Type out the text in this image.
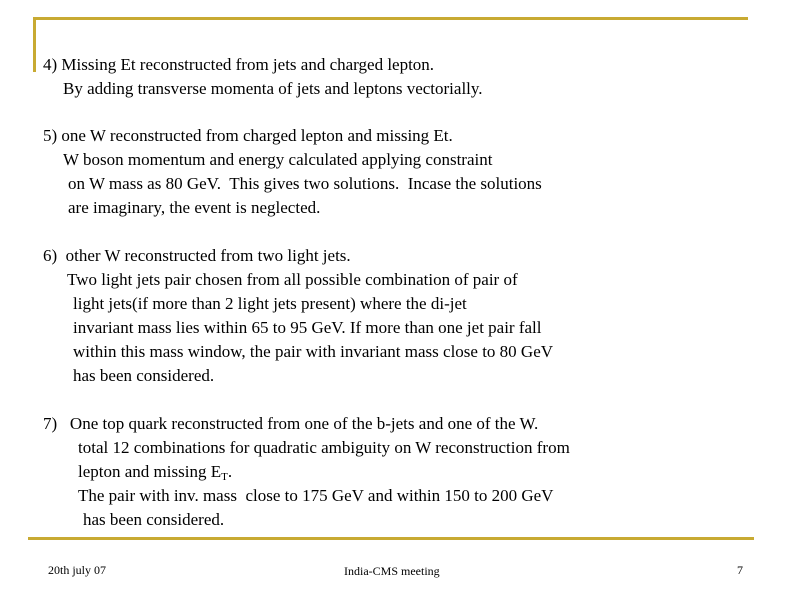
4) Missing Et reconstructed from jets and charged lepton.
By adding transverse momenta of jets and leptons vectorially.
5) one W reconstructed from charged lepton and missing Et.
W boson momentum and energy calculated applying constraint
on W mass as 80 GeV.  This gives two solutions.  Incase the solutions
are imaginary, the event is neglected.
6)  other W reconstructed from two light jets.
Two light jets pair chosen from all possible combination of pair of
light jets(if more than 2 light jets present) where the di-jet
invariant mass lies within 65 to 95 GeV. If more than one jet pair fall
within this mass window, the pair with invariant mass close to 80 GeV
has been considered.
7)   One top quark reconstructed from one of the b-jets and one of the W.
total 12 combinations for quadratic ambiguity on W reconstruction from
lepton and missing $E_T$.
The pair with inv. mass  close to 175 GeV and within 150 to 200 GeV
has been considered.
20th july 07	India-CMS meeting	7
